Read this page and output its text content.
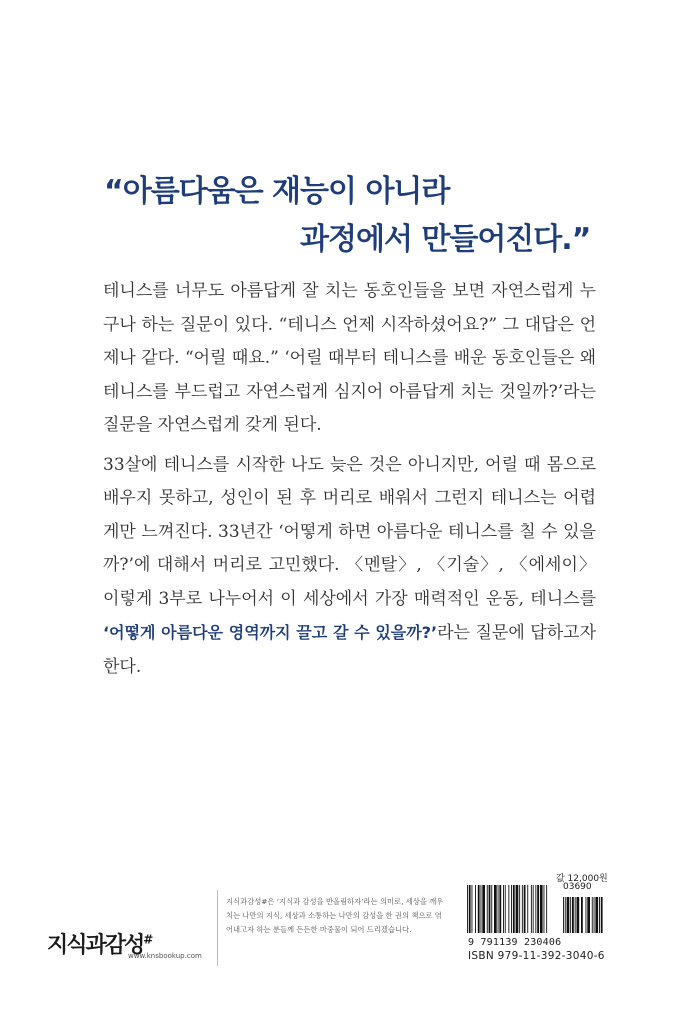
“아름다움은 재능이 아니라
과정에서 만들어진다.”

테니스를 너무도 아름답게 잘 치는 동호인들을 보면 자연스럽게 누구나 하는 질문이 있다. “테니스 언제 시작하셨어요?” 그 대답은 언제나 같다. “어릴 때요.” ‘어릴 때부터 테니스를 배운 동호인들은 왜 테니스를 부드럽고 자연스럽게 심지어 아름답게 치는 것일까?’라는 질문을 자연스럽게 갖게 된다.

33살에 테니스를 시작한 나도 늦은 것은 아니지만, 어릴 때 몸으로 배우지 못하고, 성인이 된 후 머리로 배워서 그런지 테니스는 어렵게만 느껴진다. 33년간 ‘어떻게 하면 아름다운 테니스를 칠 수 있을까?’에 대해서 머리로 고민했다. 〈멘탈〉, 〈기술〉, 〈에세이〉 이렇게 3부로 나누어서 이 세상에서 가장 매력적인 운동, 테니스를 ‘어떻게 아름다운 영역까지 끌고 갈 수 있을까?’라는 질문에 답하고자 한다.

지식과감성#
www.knsbookup.com
지식과감성#은 ‘지식과 감성을 반올림하자’라는 의미로, 세상을 깨우치는 나만의 지식, 세상과 소통하는 나만의 감성을 한 권의 책으로 엮어내고자 하는 분들께 든든한 마중물이 되어 드리겠습니다.
값 12,000원
03690
9 791139 230406
ISBN 979-11-392-3040-6
